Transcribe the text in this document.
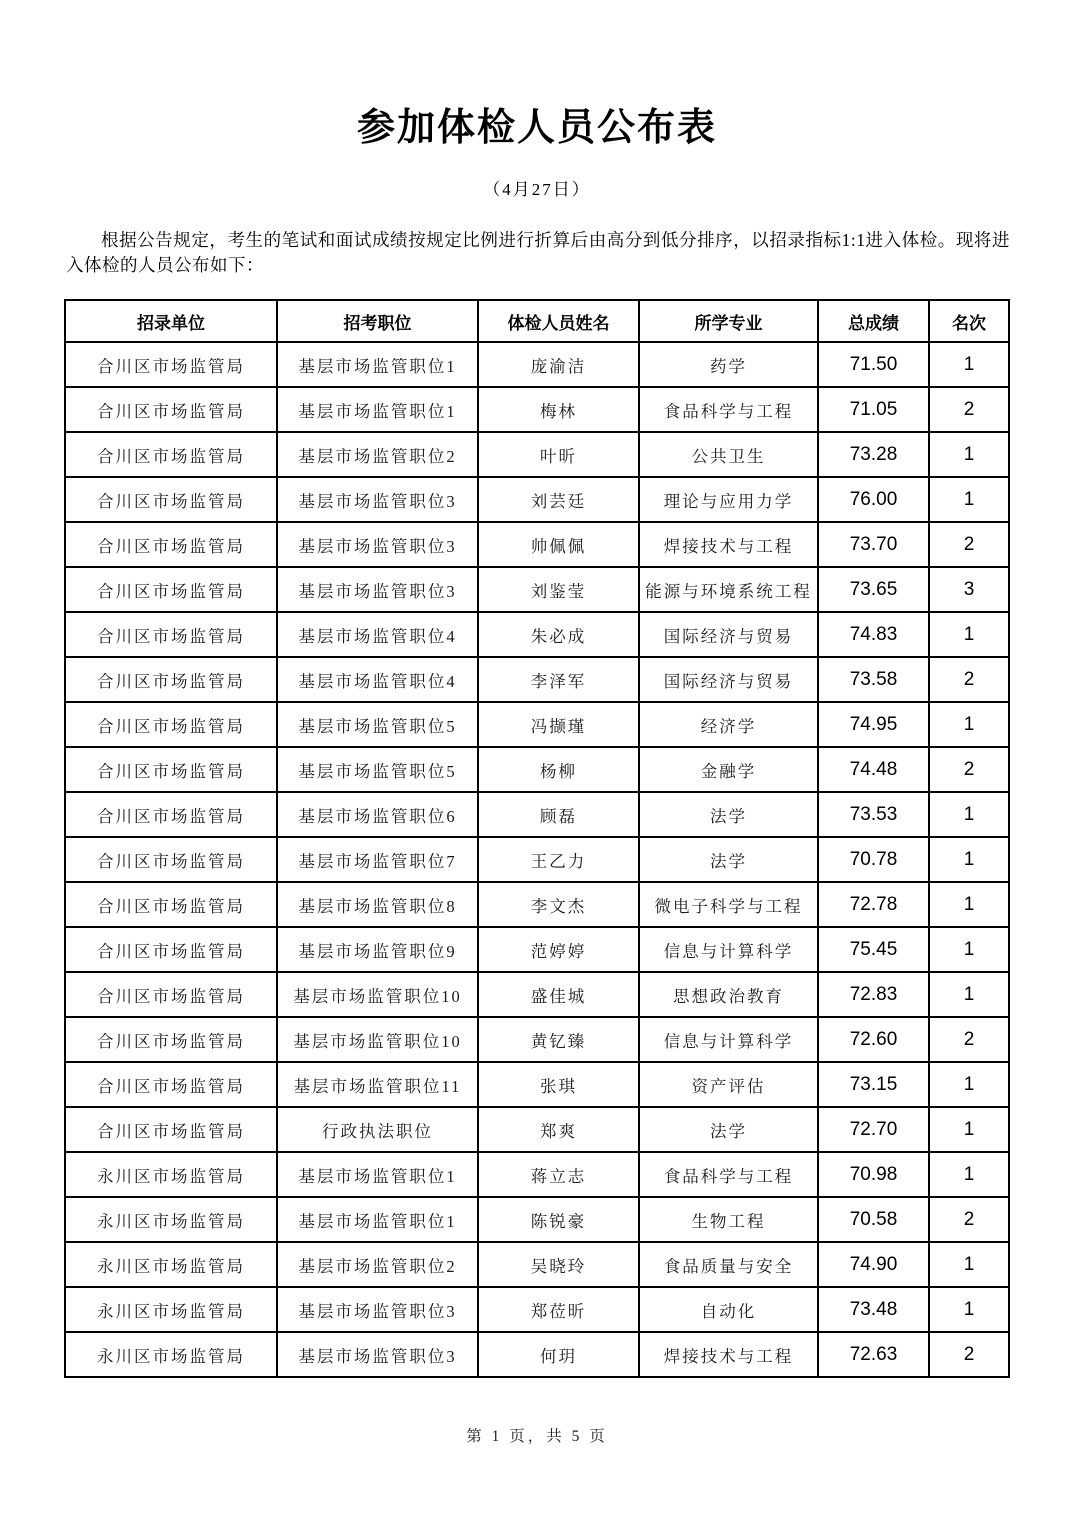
参加体检人员公布表
（4月27日）
根据公告规定，考生的笔试和面试成绩按规定比例进行折算后由高分到低分排序，以招录指标1:1进入体检。现将进入体检的人员公布如下：
招录单位	招考职位	体检人员姓名	所学专业	总成绩	名次
合川区市场监管局	基层市场监管职位1	庞渝洁	药学	71.50	1
合川区市场监管局	基层市场监管职位1	梅林	食品科学与工程	71.05	2
合川区市场监管局	基层市场监管职位2	叶昕	公共卫生	73.28	1
合川区市场监管局	基层市场监管职位3	刘芸廷	理论与应用力学	76.00	1
合川区市场监管局	基层市场监管职位3	帅佩佩	焊接技术与工程	73.70	2
合川区市场监管局	基层市场监管职位3	刘鉴莹	能源与环境系统工程	73.65	3
合川区市场监管局	基层市场监管职位4	朱必成	国际经济与贸易	74.83	1
合川区市场监管局	基层市场监管职位4	李泽军	国际经济与贸易	73.58	2
合川区市场监管局	基层市场监管职位5	冯撷瑾	经济学	74.95	1
合川区市场监管局	基层市场监管职位5	杨柳	金融学	74.48	2
合川区市场监管局	基层市场监管职位6	顾磊	法学	73.53	1
合川区市场监管局	基层市场监管职位7	王乙力	法学	70.78	1
合川区市场监管局	基层市场监管职位8	李文杰	微电子科学与工程	72.78	1
合川区市场监管局	基层市场监管职位9	范婷婷	信息与计算科学	75.45	1
合川区市场监管局	基层市场监管职位10	盛佳城	思想政治教育	72.83	1
合川区市场监管局	基层市场监管职位10	黄钇臻	信息与计算科学	72.60	2
合川区市场监管局	基层市场监管职位11	张琪	资产评估	73.15	1
合川区市场监管局	行政执法职位	郑爽	法学	72.70	1
永川区市场监管局	基层市场监管职位1	蒋立志	食品科学与工程	70.98	1
永川区市场监管局	基层市场监管职位1	陈锐豪	生物工程	70.58	2
永川区市场监管局	基层市场监管职位2	吴晓玲	食品质量与安全	74.90	1
永川区市场监管局	基层市场监管职位3	郑莅昕	自动化	73.48	1
永川区市场监管局	基层市场监管职位3	何玥	焊接技术与工程	72.63	2
第 1 页，共 5 页
